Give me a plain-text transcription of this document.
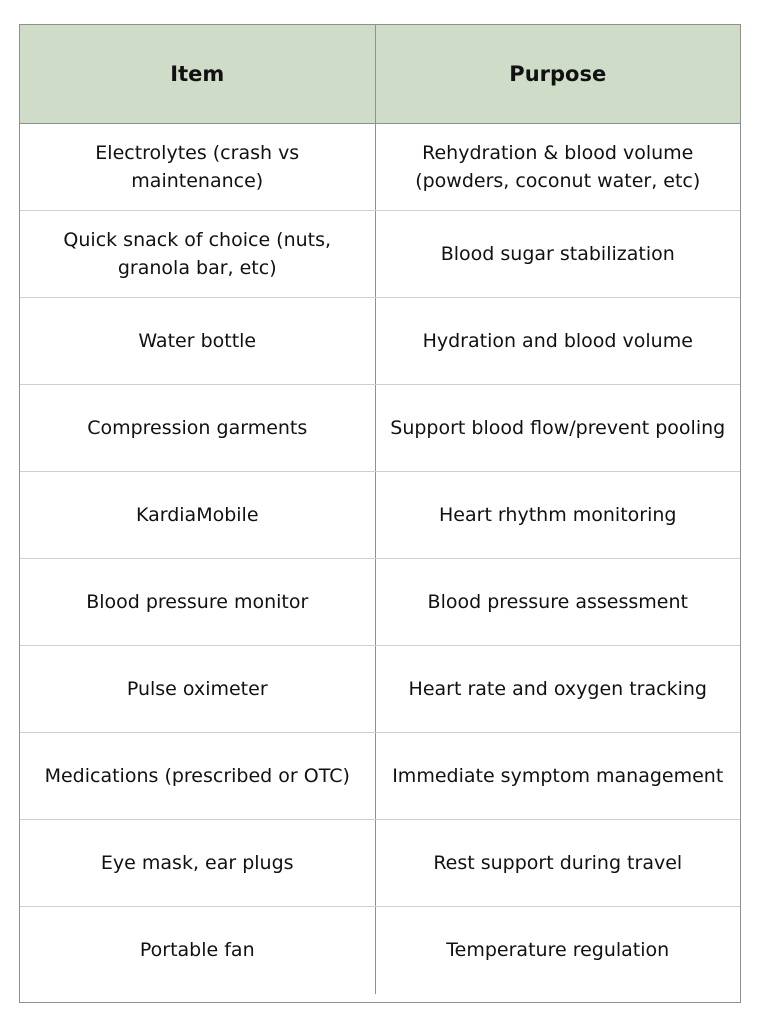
Item	Purpose
Electrolytes (crash vs maintenance)	Rehydration & blood volume (powders, coconut water, etc)
Quick snack of choice (nuts, granola bar, etc)	Blood sugar stabilization
Water bottle	Hydration and blood volume
Compression garments	Support blood flow/prevent pooling
KardiaMobile	Heart rhythm monitoring
Blood pressure monitor	Blood pressure assessment
Pulse oximeter	Heart rate and oxygen tracking
Medications (prescribed or OTC)	Immediate symptom management
Eye mask, ear plugs	Rest support during travel
Portable fan	Temperature regulation
